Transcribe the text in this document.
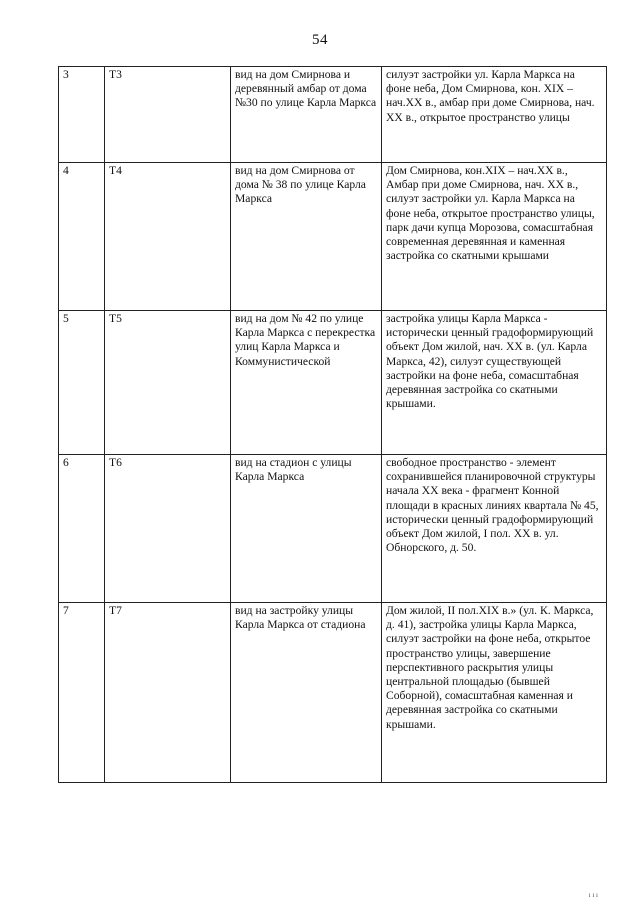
54
3	Т3	вид на дом Смирнова и деревянный амбар от дома №30 по улице Карла Маркса	силуэт застройки ул. Карла Маркса на фоне неба, Дом Смирнова, кон. XIX – нач.XX в., амбар при доме Смирнова, нач. XX в., открытое пространство улицы
4	Т4	вид на дом Смирнова от дома № 38 по улице Карла Маркса	Дом Смирнова, кон.XIX – нач.XX в., Амбар при доме Смирнова, нач. XX в., силуэт застройки ул. Карла Маркса на фоне неба, открытое пространство улицы, парк дачи купца Морозова, сомасштабная современная деревянная и каменная застройка со скатными крышами
5	Т5	вид на дом № 42 по улице Карла Маркса с перекрестка улиц Карла Маркса и Коммунистической	застройка улицы Карла Маркса - исторически ценный градоформирующий объект Дом жилой, нач. XX в. (ул. Карла Маркса, 42), силуэт существующей застройки на фоне неба, сомасштабная деревянная застройка со скатными крышами.
6	Т6	вид на стадион с улицы Карла Маркса	свободное пространство - элемент сохранившейся планировочной структуры начала XX века - фрагмент Конной площади в красных линиях квартала № 45, исторически ценный градоформирующий объект Дом жилой, I пол. XX в. ул. Обнорского, д. 50.
7	Т7	вид на застройку улицы Карла Маркса от стадиона	Дом жилой, II пол.XIX в.» (ул. К. Маркса, д. 41), застройка улицы Карла Маркса, силуэт застройки на фоне неба, открытое пространство улицы, завершение перспективного раскрытия улицы центральной площадью (бывшей Соборной), сомасштабная каменная и деревянная застройка со скатными крышами.
ı ı ı
